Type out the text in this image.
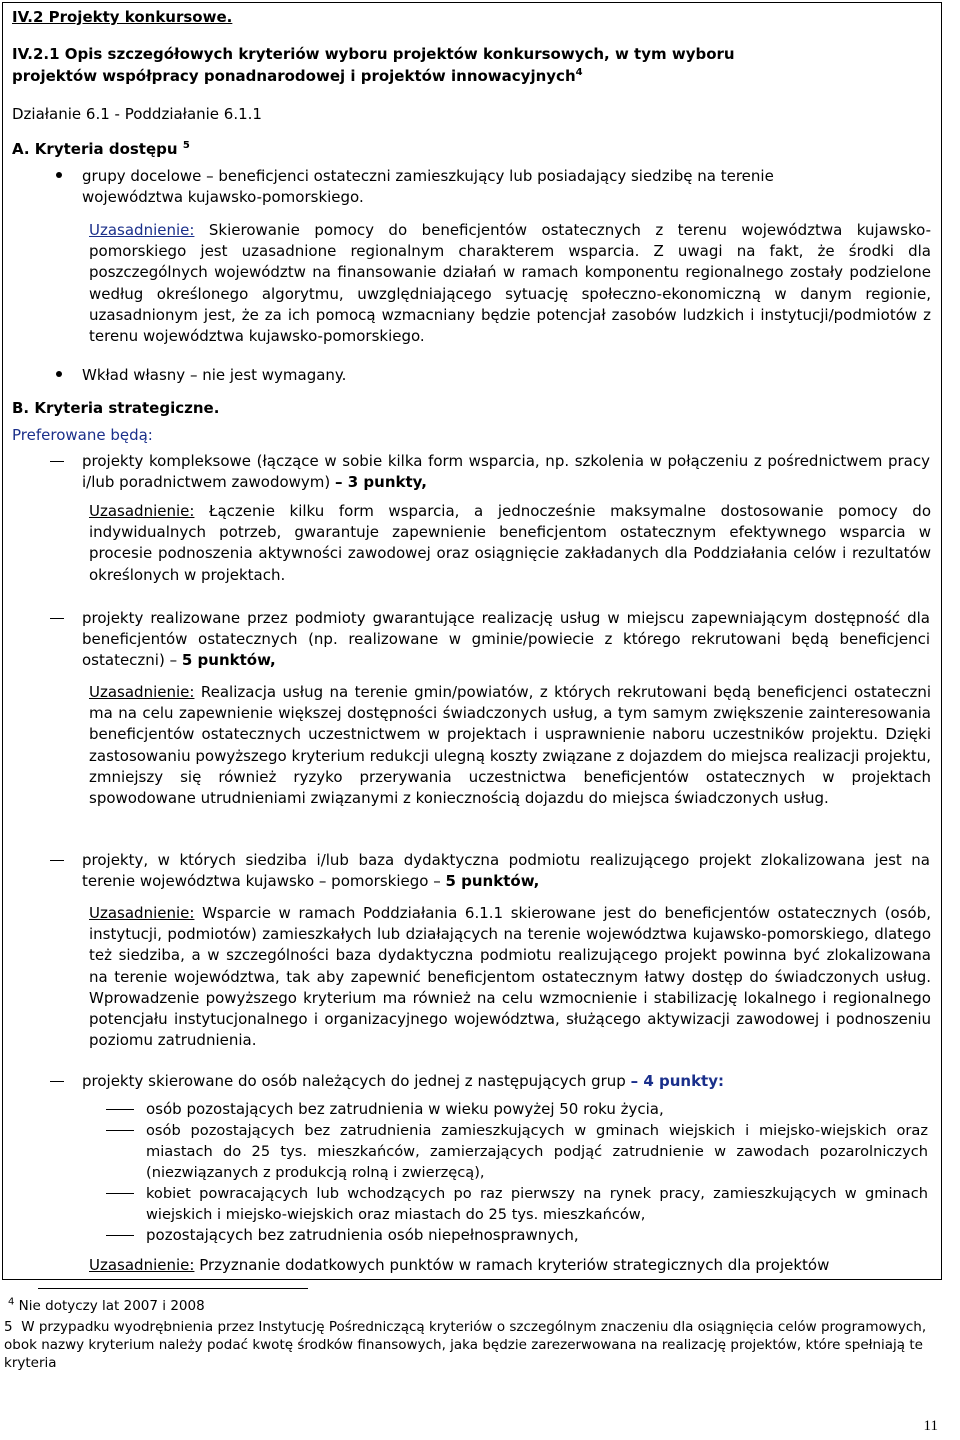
IV.2 Projekty konkursowe.
IV.2.1 Opis szczegółowych kryteriów wyboru projektów konkursowych, w tym wyboru
projektów współpracy ponadnarodowej i projektów innowacyjnych$^4$
Działanie 6.1 - Poddziałanie 6.1.1
A. Kryteria dostępu $^5$
grupy docelowe – beneficjenci ostateczni zamieszkujący lub posiadający siedzibę na terenie
województwa kujawsko-pomorskiego.
Uzasadnienie: Skierowanie pomocy do beneficjentów ostatecznych z terenu województwa kujawsko-pomorskiego jest uzasadnione regionalnym charakterem wsparcia. Z uwagi na fakt, że środki dla poszczególnych województw na finansowanie działań w ramach komponentu regionalnego zostały podzielone według określonego algorytmu, uwzględniającego sytuację społeczno-ekonomiczną w danym regionie, uzasadnionym jest, że za ich pomocą wzmacniany będzie potencjał zasobów ludzkich i instytucji/podmiotów z terenu województwa kujawsko-pomorskiego.
Wkład własny – nie jest wymagany.
B. Kryteria strategiczne.
Preferowane będą:
projekty kompleksowe (łączące w sobie kilka form wsparcia, np. szkolenia w połączeniu z pośrednictwem pracy i/lub poradnictwem zawodowym) – 3 punkty,
Uzasadnienie: Łączenie kilku form wsparcia, a jednocześnie maksymalne dostosowanie pomocy do indywidualnych potrzeb, gwarantuje zapewnienie beneficjentom ostatecznym efektywnego wsparcia w procesie podnoszenia aktywności zawodowej oraz osiągnięcie zakładanych dla Poddziałania celów i rezultatów określonych w projektach.
projekty realizowane przez podmioty gwarantujące realizację usług w miejscu zapewniającym dostępność dla beneficjentów ostatecznych (np. realizowane w gminie/powiecie z którego rekrutowani będą beneficjenci ostateczni) – 5 punktów,
Uzasadnienie: Realizacja usług na terenie gmin/powiatów, z których rekrutowani będą beneficjenci ostateczni ma na celu zapewnienie większej dostępności świadczonych usług, a tym samym zwiększenie zainteresowania beneficjentów ostatecznych uczestnictwem w projektach i usprawnienie naboru uczestników projektu. Dzięki zastosowaniu powyższego kryterium redukcji ulegną koszty związane z dojazdem do miejsca realizacji projektu, zmniejszy się również ryzyko przerywania uczestnictwa beneficjentów ostatecznych w projektach spowodowane utrudnieniami związanymi z koniecznością dojazdu do miejsca świadczonych usług.
projekty, w których siedziba i/lub baza dydaktyczna podmiotu realizującego projekt zlokalizowana jest na terenie województwa kujawsko – pomorskiego – 5 punktów,
Uzasadnienie: Wsparcie w ramach Poddziałania 6.1.1 skierowane jest do beneficjentów ostatecznych (osób, instytucji, podmiotów) zamieszkałych lub działających na terenie województwa kujawsko-pomorskiego, dlatego też siedziba, a w szczególności baza dydaktyczna podmiotu realizującego projekt powinna być zlokalizowana na terenie województwa, tak aby zapewnić beneficjentom ostatecznym łatwy dostęp do świadczonych usług. Wprowadzenie powyższego kryterium ma również na celu wzmocnienie i stabilizację lokalnego i regionalnego potencjału instytucjonalnego i organizacyjnego województwa, służącego aktywizacji zawodowej i podnoszeniu poziomu zatrudnienia.
projekty skierowane do osób należących do jednej z następujących grup – 4 punkty:
osób pozostających bez zatrudnienia w wieku powyżej 50 roku życia,
osób pozostających bez zatrudnienia zamieszkujących w gminach wiejskich i miejsko-wiejskich oraz miastach do 25 tys. mieszkańców, zamierzających podjąć zatrudnienie w zawodach pozarolniczych (niezwiązanych z produkcją rolną i zwierzęcą),
kobiet powracających lub wchodzących po raz pierwszy na rynek pracy, zamieszkujących w gminach wiejskich i miejsko-wiejskich oraz miastach do 25 tys. mieszkańców,
pozostających bez zatrudnienia osób niepełnosprawnych,
Uzasadnienie: Przyznanie dodatkowych punktów w ramach kryteriów strategicznych dla projektów
$^4$ Nie dotyczy lat 2007 i 2008
5 W przypadku wyodrębnienia przez Instytucję Pośredniczącą kryteriów o szczególnym znaczeniu dla osiągnięcia celów programowych, obok nazwy kryterium należy podać kwotę środków finansowych, jaka będzie zarezerwowana na realizację projektów, które spełniają te kryteria
11
